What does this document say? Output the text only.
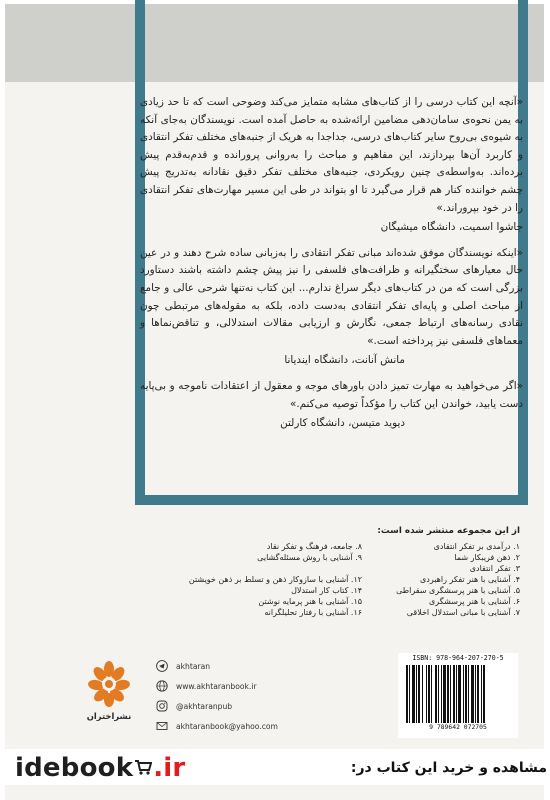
«آنچه این کتاب درسی را از کتاب‌های مشابه متمایز می‌کند وضوحی است که تا حد زیادی به یمن نحوه‌ی سامان‌دهی مضامین ارائه‌شده به حاصل آمده است. نویسندگان به‌جای آنکه به شیوه‌ی بی‌روح سایر کتاب‌های درسی، جداجدا به هریک از جنبه‌های مختلف تفکر انتقادی و کاربرد آن‌ها بپردازند، این مفاهیم و مباحث را به‌روانی پرورانده و قدم‌به‌قدم پیش برده‌اند. به‌واسطه‌ی چنین رویکردی، جنبه‌های مختلف تفکر دقیق نقادانه به‌تدریج پیش چشم خواننده کنار هم قرار می‌گیرد تا او بتواند در طی این مسیر مهارت‌های تفکر انتقادی را در خود بپروراند.»
جاشوا اسمیت، دانشگاه میشیگان
«اینکه نویسندگان موفق شده‌اند مبانی تفکر انتقادی را به‌زبانی ساده شرح دهند و در عین حال معیارهای سختگیرانه و ظرافت‌های فلسفی را نیز پیش چشم داشته باشند دستاورد بزرگی است که من در کتاب‌های دیگر سراغ ندارم... این کتاب نه‌تنها شرحی عالی و جامع از مباحث اصلی و پایه‌ای تفکر انتقادی به‌دست داده، بلکه به مقوله‌های مرتبطی چون نقادی رسانه‌های ارتباط جمعی، نگارش و ارزیابی مقالات استدلالی، و تناقض‌نماها و معماهای فلسفی نیز پرداخته است.»
مانش آنانت، دانشگاه ایندیانا
«اگر می‌خواهید به مهارت تمیز دادن باورهای موجه و معقول از اعتقادات ناموجه و بی‌پایه دست یابید، خواندن این کتاب را مؤکداً توصیه می‌کنم.»
دیوید متیسن، دانشگاه کارلتن
از این مجموعه منتشر شده است:
۱. درآمدی بر تفکر انتقادی
۲. ذهن فریبکار شما
۳. تفکر انتقادی
۴. آشنایی با هنر تفکر راهبردی
۵. آشنایی با هنر پرسشگری سقراطی
۶. آشنایی با هنر پرسشگری
۷. آشنایی با مبانی استدلال اخلاقی
۸. جامعه، فرهنگ و تفکر نقاد
۹. آشنایی با روش مسئله‌گشایی

۱۲. آشنایی با سازوکار ذهن و تسلط بر ذهن خویشتن
۱۴. کتاب کار استدلال
۱۵. آشنایی با هنر پرمایه نوشتن
۱۶. آشنایی با رفتار تحلیلگرانه
akhtaran
www.akhtaranbook.ir
@akhtaranpub
akhtaranbook@yahoo.com
نشراختران
ISBN: 978-964-207-270-5
9 789642 072705
idebook .ir	مشاهده و خرید این کتاب در:
